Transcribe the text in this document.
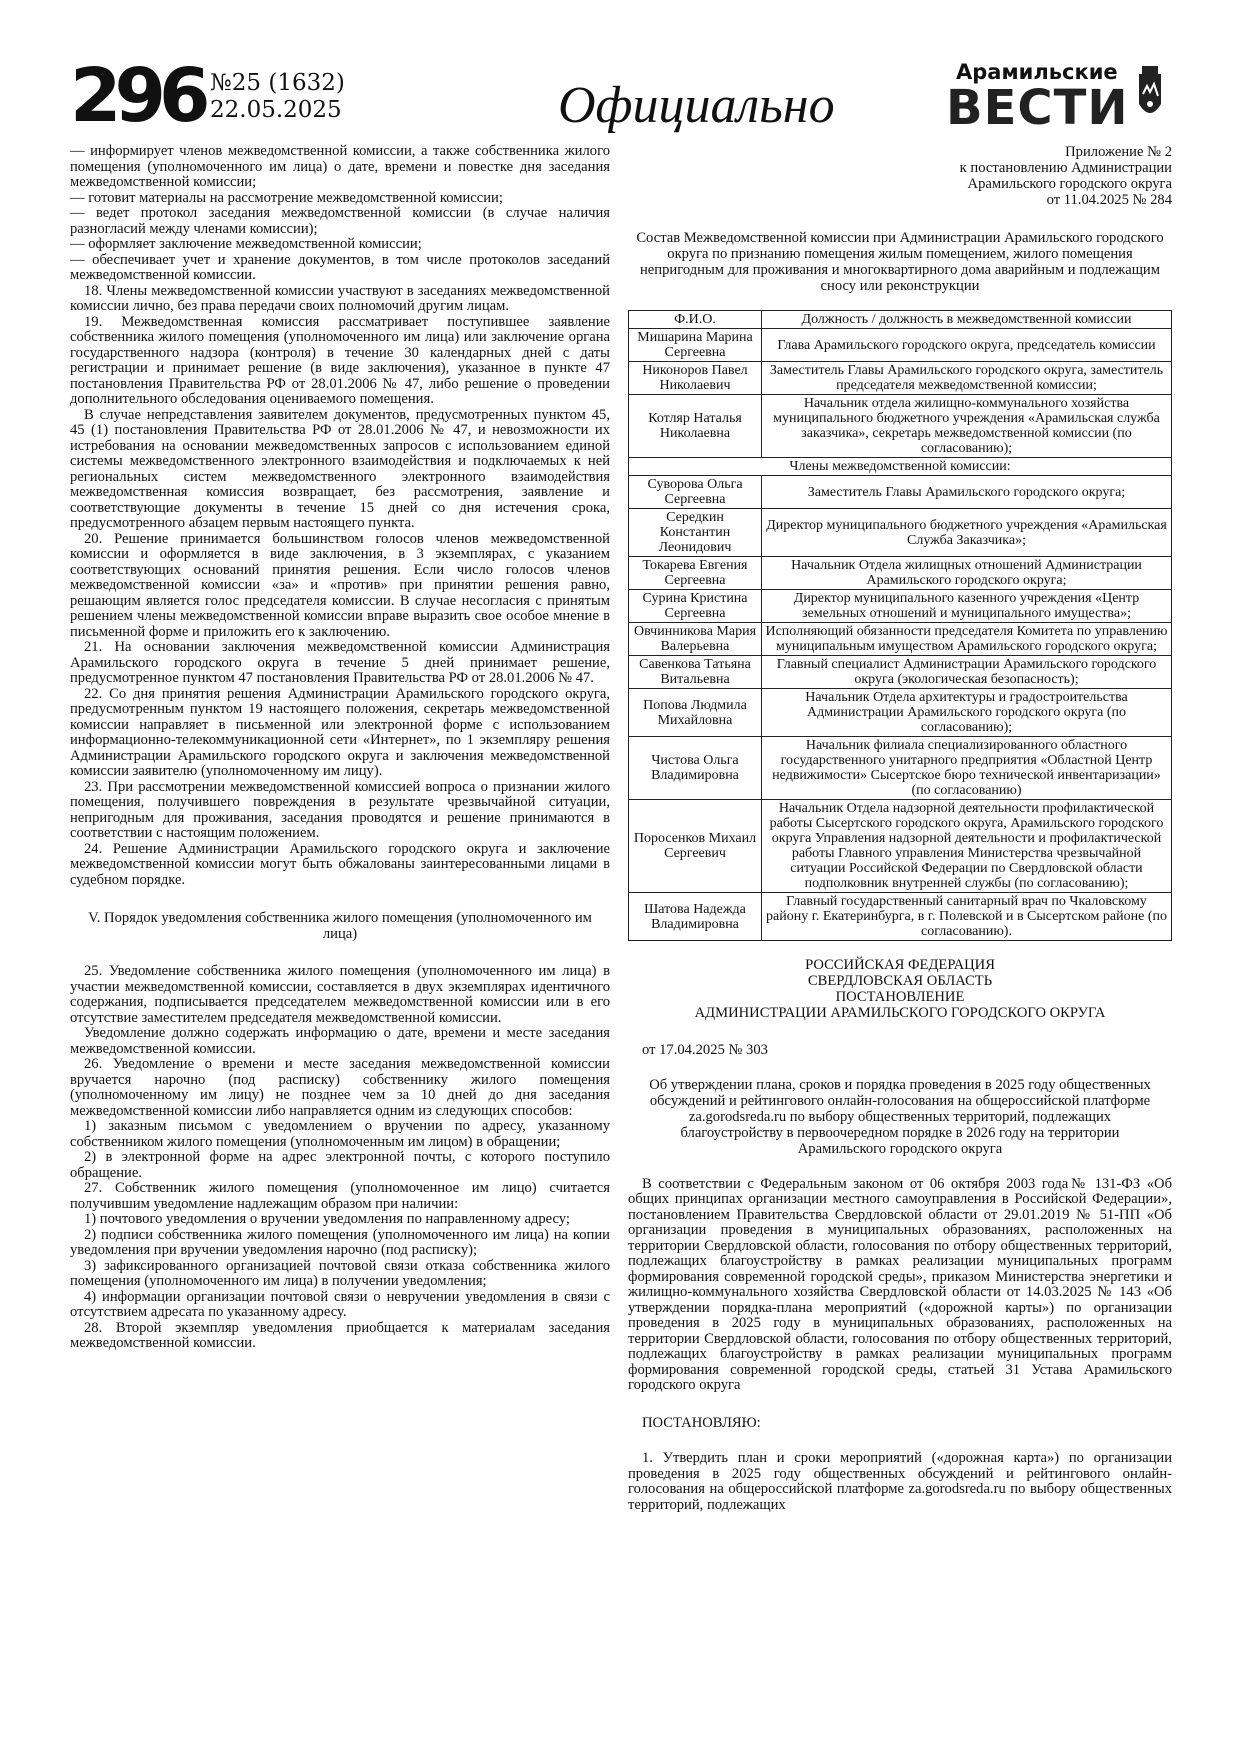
296 №25 (1632)
22.05.2025	Официально
Арамильские
ВЕСТИ

— информирует членов межведомственной комиссии, а также собственника жилого помещения (уполномоченного им лица) о дате, времени и повестке дня заседания межведомственной комиссии;

— готовит материалы на рассмотрение межведомственной комиссии;

— ведет протокол заседания межведомственной комиссии (в случае наличия разногласий между членами комиссии);

— оформляет заключение межведомственной комиссии;

— обеспечивает учет и хранение документов, в том числе протоколов заседаний межведомственной комиссии.

18. Члены межведомственной комиссии участвуют в заседаниях межведомственной комиссии лично, без права передачи своих полномочий другим лицам.

19. Межведомственная комиссия рассматривает поступившее заявление собственника жилого помещения (уполномоченного им лица) или заключение органа государственного надзора (контроля) в течение 30 календарных дней с даты регистрации и принимает решение (в виде заключения), указанное в пункте 47 постановления Правительства РФ от 28.01.2006 № 47, либо решение о проведении дополнительного обследования оцениваемого помещения.

В случае непредставления заявителем документов, предусмотренных пунктом 45, 45 (1) постановления Правительства РФ от 28.01.2006 № 47, и невозможности их истребования на основании межведомственных запросов с использованием единой системы межведомственного электронного взаимодействия и подключаемых к ней региональных систем межведомственного электронного взаимодействия межведомственная комиссия возвращает, без рассмотрения, заявление и соответствующие документы в течение 15 дней со дня истечения срока, предусмотренного абзацем первым настоящего пункта.

20. Решение принимается большинством голосов членов межведомственной комиссии и оформляется в виде заключения, в 3 экземплярах, с указанием соответствующих оснований принятия решения. Если число голосов членов межведомственной комиссии «за» и «против» при принятии решения равно, решающим является голос председателя комиссии. В случае несогласия с принятым решением члены межведомственной комиссии вправе выразить свое особое мнение в письменной форме и приложить его к заключению.

21. На основании заключения межведомственной комиссии Администрация Арамильского городского округа в течение 5 дней принимает решение, предусмотренное пунктом 47 постановления Правительства РФ от 28.01.2006 № 47.

22. Со дня принятия решения Администрации Арамильского городского округа, предусмотренным пунктом 19 настоящего положения, секретарь межведомственной комиссии направляет в письменной или электронной форме с использованием информационно-телекоммуникационной сети «Интернет», по 1 экземпляру решения Администрации Арамильского городского округа и заключения межведомственной комиссии заявителю (уполномоченному им лицу).

23. При рассмотрении межведомственной комиссией вопроса о признании жилого помещения, получившего повреждения в результате чрезвычайной ситуации, непригодным для проживания, заседания проводятся и решение принимаются в соответствии с настоящим положением.

24. Решение Администрации Арамильского городского округа и заключение межведомственной комиссии могут быть обжалованы заинтересованными лицами в судебном порядке.

V. Порядок уведомления собственника жилого помещения (уполномоченного им лица)

25. Уведомление собственника жилого помещения (уполномоченного им лица) в участии межведомственной комиссии, составляется в двух экземплярах идентичного содержания, подписывается председателем межведомственной комиссии или в его отсутствие заместителем председателя межведомственной комиссии.

Уведомление должно содержать информацию о дате, времени и месте заседания межведомственной комиссии.

26. Уведомление о времени и месте заседания межведомственной комиссии вручается нарочно (под расписку) собственнику жилого помещения (уполномоченному им лицу) не позднее чем за 10 дней до дня заседания межведомственной комиссии либо направляется одним из следующих способов:

1) заказным письмом с уведомлением о вручении по адресу, указанному собственником жилого помещения (уполномоченным им лицом) в обращении;

2) в электронной форме на адрес электронной почты, с которого поступило обращение.

27. Собственник жилого помещения (уполномоченное им лицо) считается получившим уведомление надлежащим образом при наличии:

1) почтового уведомления о вручении уведомления по направленному адресу;

2) подписи собственника жилого помещения (уполномоченного им лица) на копии уведомления при вручении уведомления нарочно (под расписку);

3) зафиксированного организацией почтовой связи отказа собственника жилого помещения (уполномоченного им лица) в получении уведомления;

4) информации организации почтовой связи о невручении уведомления в связи с отсутствием адресата по указанному адресу.

28. Второй экземпляр уведомления приобщается к материалам заседания межведомственной комиссии.

Приложение № 2
к постановлению Администрации
Арамильского городского округа
от 11.04.2025 № 284
Состав Межведомственной комиссии при Администрации Арамильского городского округа по признанию помещения жилым помещением, жилого помещения непригодным для проживания и многоквартирного дома аварийным и подлежащим сносу или реконструкции
Ф.И.О.	Должность / должность в межведомственной комиссии
Мишарина Марина Сергеевна	Глава Арамильского городского округа, председатель комиссии
Никоноров Павел Николаевич	Заместитель Главы Арамильского городского округа, заместитель председателя межведомственной комиссии;
Котляр Наталья Николаевна	Начальник отдела жилищно-коммунального хозяйства муниципального бюджетного учреждения «Арамильская служба заказчика», секретарь межведомственной комиссии (по согласованию);
Члены межведомственной комиссии:	
Суворова Ольга Сергеевна	Заместитель Главы Арамильского городского округа;
Середкин Константин Леонидович	Директор муниципального бюджетного учреждения «Арамильская Служба Заказчика»;
Токарева Евгения Сергеевна	Начальник Отдела жилищных отношений Администрации Арамильского городского округа;
Сурина Кристина Сергеевна	Директор муниципального казенного учреждения «Центр земельных отношений и муниципального имущества»;
Овчинникова Мария Валерьевна	Исполняющий обязанности председателя Комитета по управлению муниципальным имуществом Арамильского городского округа;
Савенкова Татьяна Витальевна	Главный специалист Администрации Арамильского городского округа (экологическая безопасность);
Попова Людмила Михайловна	Начальник Отдела архитектуры и градостроительства Администрации Арамильского городского округа (по согласованию);
Чистова Ольга Владимировна	Начальник филиала специализированного областного государственного унитарного предприятия «Областной Центр недвижимости» Сысертское бюро технической инвентаризации» (по согласованию)
Поросенков Михаил Сергеевич	Начальник Отдела надзорной деятельности профилактической работы Сысертского городского округа, Арамильского городского округа Управления надзорной деятельности и профилактической работы Главного управления Министерства чрезвычайной ситуации Российской Федерации по Свердловской области подполковник внутренней службы (по согласованию);
Шатова Надежда Владимировна	Главный государственный санитарный врач по Чкаловскому району г. Екатеринбурга, в г. Полевской и в Сысертском районе (по согласованию).
РОССИЙСКАЯ ФЕДЕРАЦИЯ
СВЕРДЛОВСКАЯ ОБЛАСТЬ
ПОСТАНОВЛЕНИЕ
АДМИНИСТРАЦИИ АРАМИЛЬСКОГО ГОРОДСКОГО ОКРУГА
от 17.04.2025 № 303
Об утверждении плана, сроков и порядка проведения в 2025 году общественных обсуждений и рейтингового онлайн-голосования на общероссийской платформе za.gorodsreda.ru по выбору общественных территорий, подлежащих благоустройству в первоочередном порядке в 2026 году на территории Арамильского городского округа
В соответствии с Федеральным законом от 06 октября 2003 года№ 131-ФЗ «Об общих принципах организации местного самоуправления в Российской Федерации», постановлением Правительства Свердловской области от 29.01.2019 № 51-ПП «Об организации проведения в муниципальных образованиях, расположенных на территории Свердловской области, голосования по отбору общественных территорий, подлежащих благоустройству в рамках реализации муниципальных программ формирования современной городской среды», приказом Министерства энергетики и жилищно-коммунального хозяйства Свердловской области от 14.03.2025 № 143 «Об утверждении порядка-плана мероприятий («дорожной карты») по организации проведения в 2025 году в муниципальных образованиях, расположенных на территории Свердловской области, голосования по отбору общественных территорий, подлежащих благоустройству в рамках реализации муниципальных программ формирования современной городской среды, статьей 31 Устава Арамильского городского округа
ПОСТАНОВЛЯЮ:
1. Утвердить план и сроки мероприятий («дорожная карта») по организации проведения в 2025 году общественных обсуждений и рейтингового онлайн-голосования на общероссийской платформе za.gorodsreda.ru по выбору общественных территорий, подлежащих
